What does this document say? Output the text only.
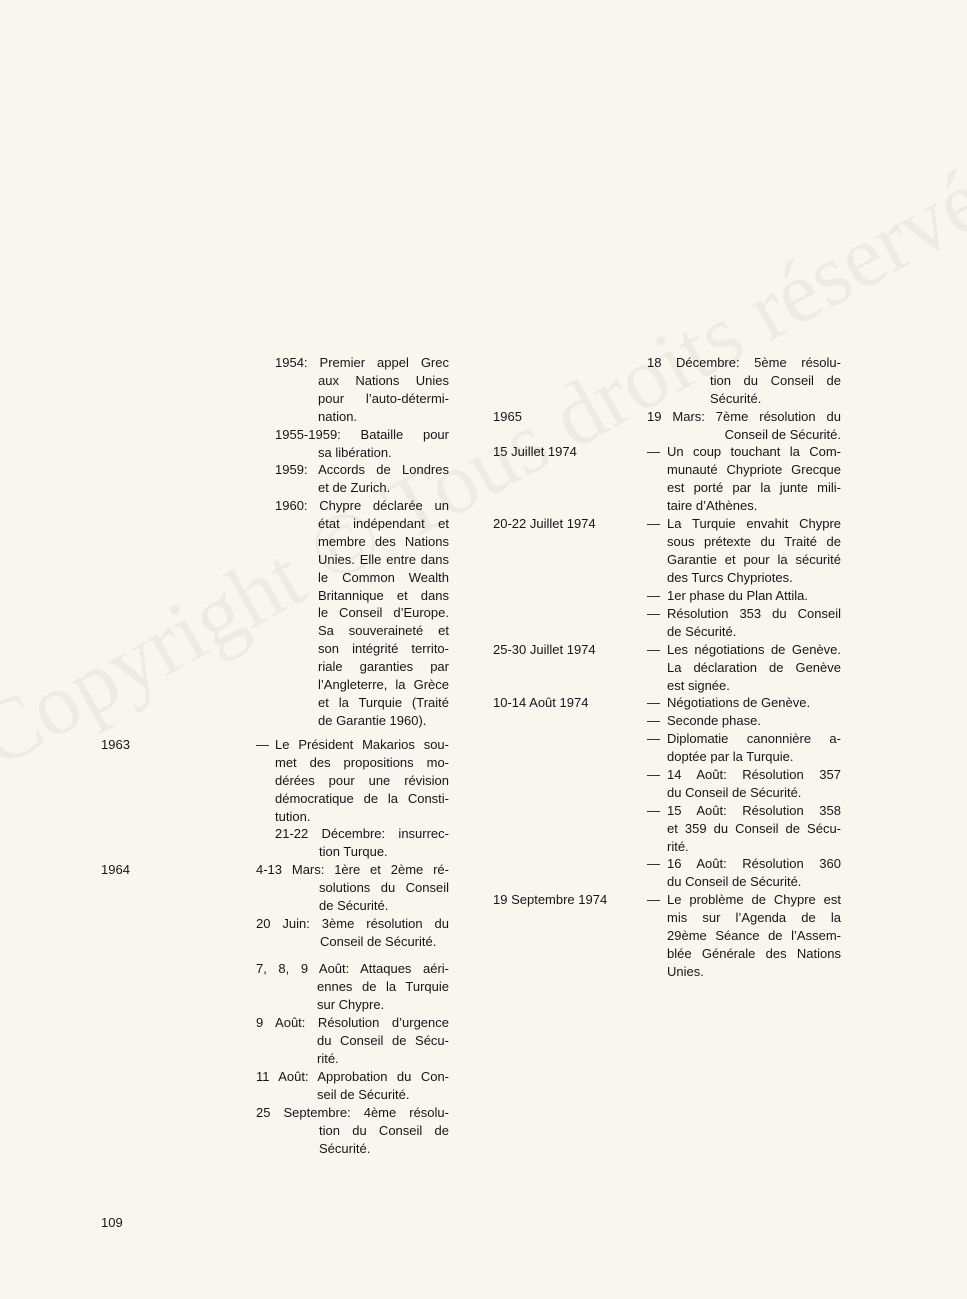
1954: Premier appel Grec
aux Nations Unies
pour l’auto-détermi-
nation.
1955-1959: Bataille pour
sa libération.
1959: Accords de Londres
et de Zurich.
1960: Chypre déclarée un
état indépendant et
membre des Nations
Unies. Elle entre dans
le Common Wealth
Britannique et dans
le Conseil d’Europe.
Sa souveraineté et
son intégrité territo-
riale garanties par
l’Angleterre, la Grèce
et la Turquie (Traité
de Garantie 1960).
1963	— Le Président Makarios sou-
met des propositions mo-
dérées pour une révision
démocratique de la Consti-
tution.
21-22 Décembre: insurrec-
tion Turque.
1964	4-13 Mars: 1ère et 2ème ré-
solutions du Conseil
de Sécurité.
20 Juin: 3ème résolution du
Conseil de Sécurité.
7, 8, 9 Août: Attaques aéri-
ennes de la Turquie
sur Chypre.
9 Août: Résolution d’urgence
du Conseil de Sécu-
rité.
11 Août: Approbation du Con-
seil de Sécurité.
25 Septembre: 4ème résolu-
tion du Conseil de
Sécurité.
18 Décembre: 5ème résolu-
tion du Conseil de
Sécurité.
1965	19 Mars: 7ème résolution du
Conseil de Sécurité.
15 Juillet 1974	— Un coup touchant la Com-
munauté Chypriote Grecque
est porté par la junte mili-
taire d’Athènes.
20-22 Juillet 1974	— La Turquie envahit Chypre
sous prétexte du Traité de
Garantie et pour la sécurité
des Turcs Chypriotes.
— 1er phase du Plan Attila.
— Résolution 353 du Conseil
de Sécurité.
25-30 Juillet 1974	— Les négotiations de Genève.
La déclaration de Genève
est signée.
10-14 Août 1974	— Négotiations de Genève.
— Seconde phase.
— Diplomatie canonnière a-
doptée par la Turquie.
— 14 Août: Résolution 357
du Conseil de Sécurité.
— 15 Août: Résolution 358
et 359 du Conseil de Sécu-
rité.
— 16 Août: Résolution 360
du Conseil de Sécurité.
19 Septembre 1974	— Le problème de Chypre est
mis sur l’Agenda de la
29ème Séance de l’Assem-
blée Générale des Nations
Unies.
109
